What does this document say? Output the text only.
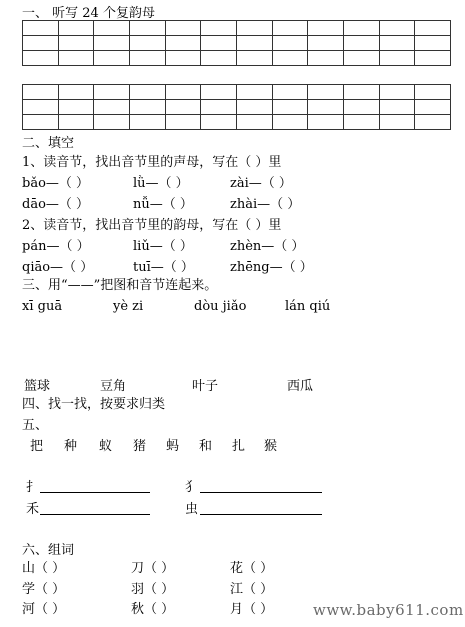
一、 听写 24 个复韵母

二、填空
1、读音节，找出音节里的声母，写在（ ）里
bǎo—（ ）	lǜ—（ ）	zài—（ ）
dāo—（ ）	nǚ—（ ）	zhài—（ ）
2、读音节，找出音节里的韵母，写在（ ）里
pán—（ ）	liǔ—（ ）	zhèn—（ ）
qiāo—（ ）	tuī—（ ）	zhēng—（ ）
三、用“——”把图和音节连起来。
xī guā	yè zi	dòu jiǎo	lán qiú
篮球	豆角	叶子	西瓜
四、找一找，按要求归类
五、
把 种 蚁 猪 蚂 和 扎 猴
扌	犭
禾	虫
六、组词
山（ ）	刀（ ）	花（ ）
学（ ）	羽（ ）	江（ ）
河（ ）	秋（ ）	月（ ）	www.baby611.com
